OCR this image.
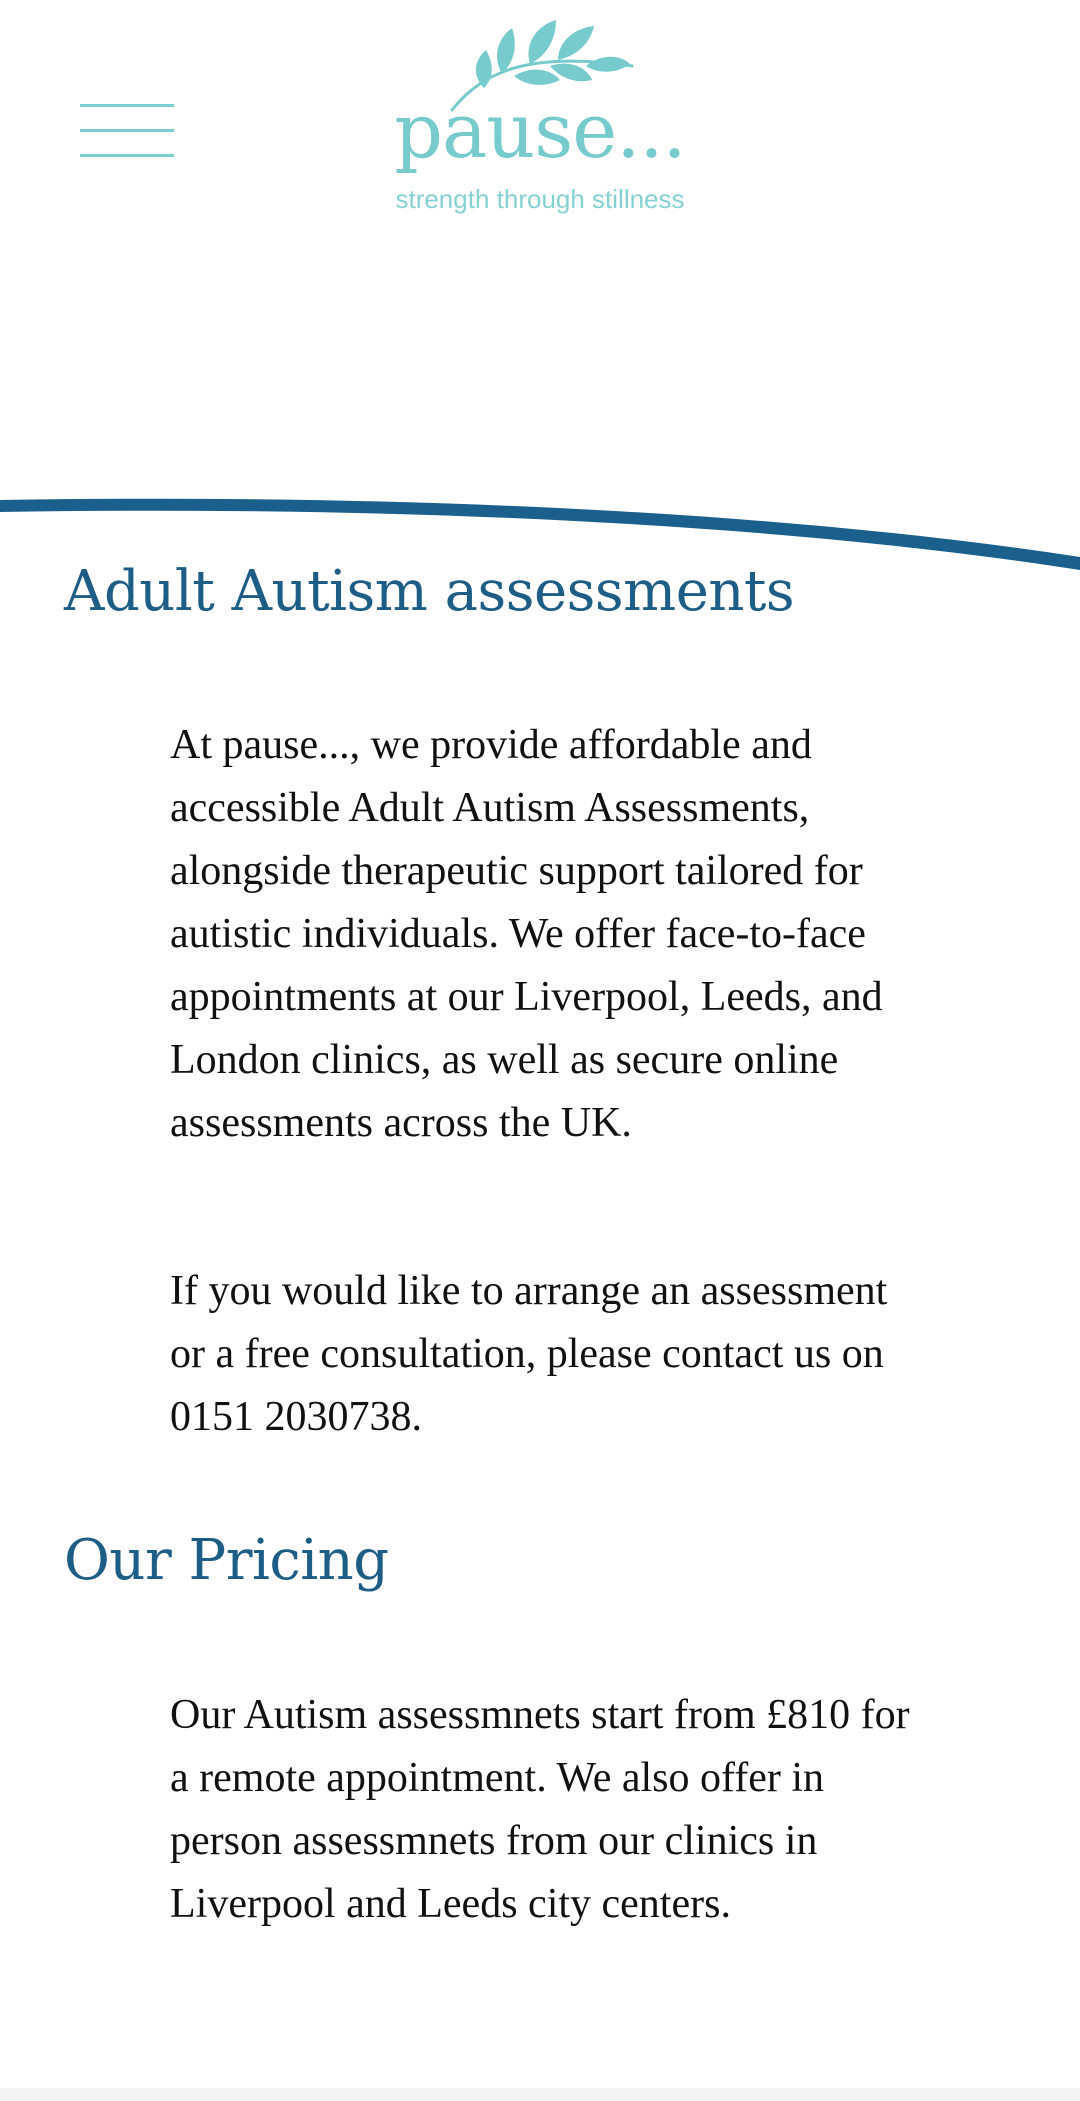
pause...
strength through stillness
Adult Autism assessments

At pause..., we provide affordable and accessible Adult Autism Assessments, alongside therapeutic support tailored for autistic individuals. We offer face-to-face appointments at our Liverpool, Leeds, and London clinics, as well as secure online assessments across the UK.

If you would like to arrange an assessment or a free consultation, please contact us on 0151 2030738.

Our Pricing

Our Autism assessmnets start from £810 for a remote appointment. We also offer in person assessmnets from our clinics in Liverpool and Leeds city centers.
